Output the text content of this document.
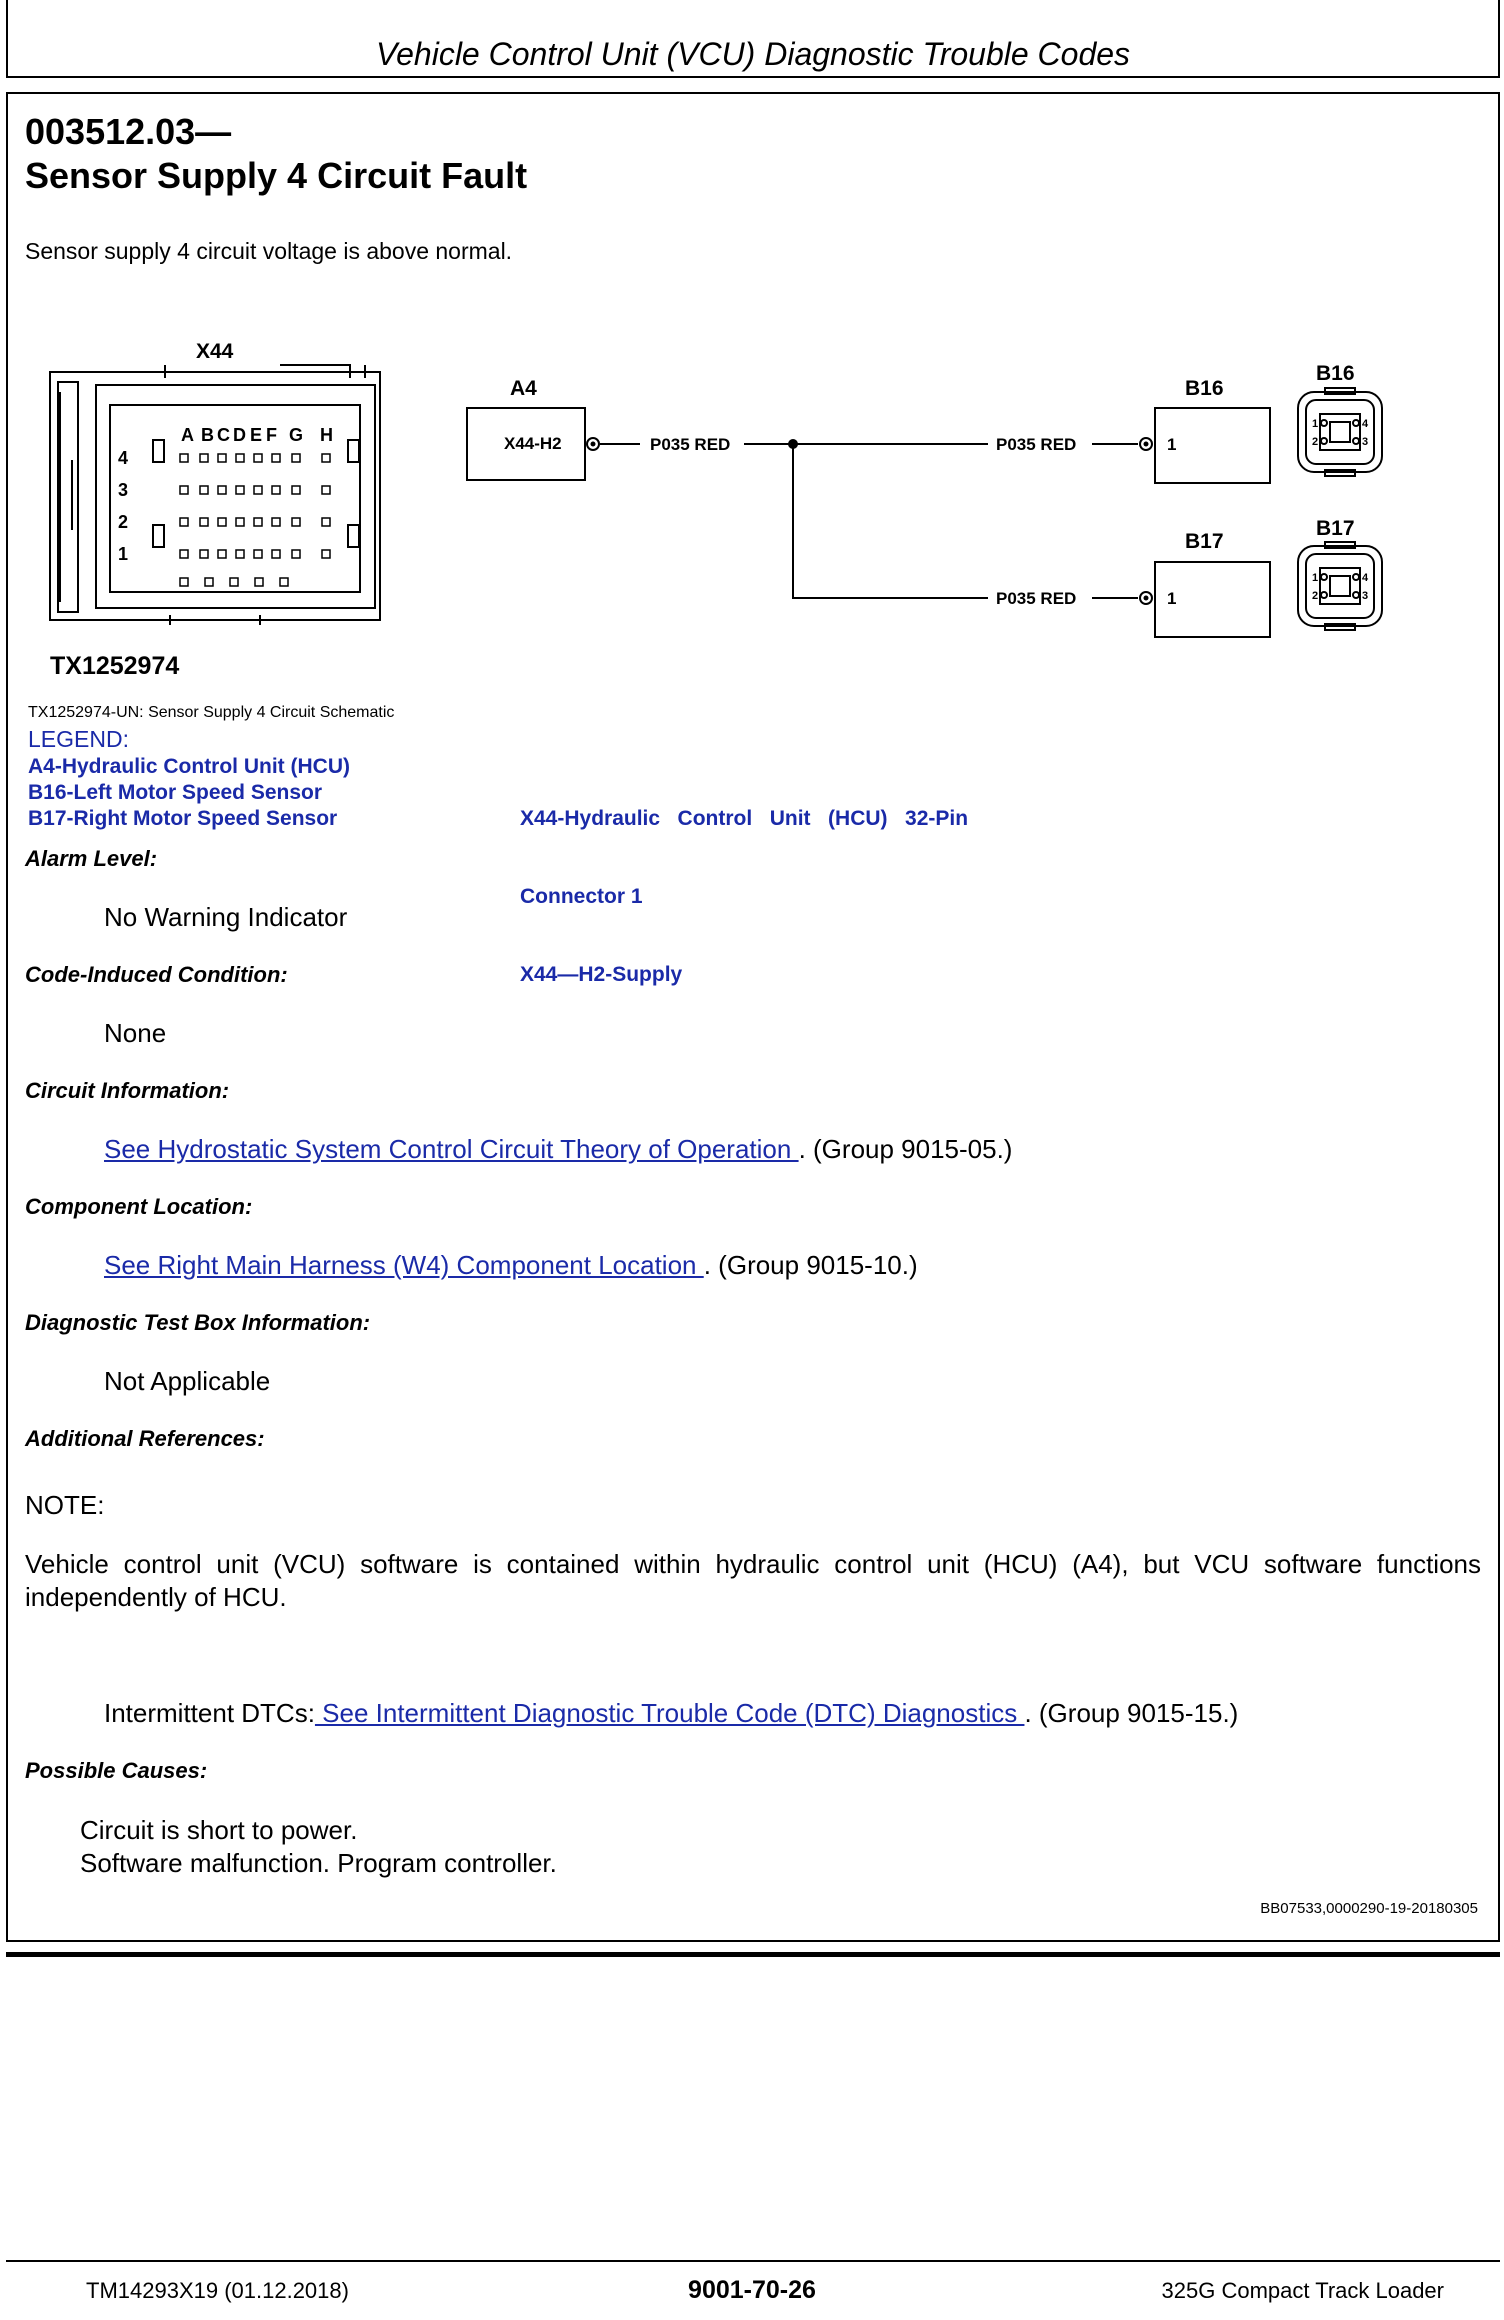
Vehicle Control Unit (VCU) Diagnostic Trouble Codes
003512.03—
Sensor Supply 4 Circuit Fault
Sensor supply 4 circuit voltage is above normal.
X44
A B C D E F G H
4
3
2
1
TX1252974
A4
X44-H2	P035 RED	P035 RED
P035 RED
B16
1
B17
1
B16
1	4
2	3
B17
1	4
2	3
TX1252974-UN: Sensor Supply 4 Circuit Schematic
LEGEND:
A4-Hydraulic Control Unit (HCU)
B16-Left Motor Speed Sensor
B17-Right Motor Speed Sensor

	X44-Hydraulic   Control   Unit   (HCU)   32-Pin

Connector 1

X44—H2-Supply

Alarm Level:
No Warning Indicator
Code-Induced Condition:
None
Circuit Information:
See Hydrostatic System Control Circuit Theory of Operation . (Group 9015-05.)
Component Location:
See Right Main Harness (W4) Component Location . (Group 9015-10.)
Diagnostic Test Box Information:
Not Applicable
Additional References:
NOTE:
Vehicle control unit (VCU) software is contained within hydraulic control unit (HCU) (A4), but VCU software functions independently of HCU.
Intermittent DTCs: See Intermittent Diagnostic Trouble Code (DTC) Diagnostics . (Group 9015-15.)
Possible Causes:
Circuit is short to power.
Software malfunction. Program controller.
BB07533,0000290-19-20180305
TM14293X19 (01.12.2018)	9001-70-26	325G Compact Track Loader
